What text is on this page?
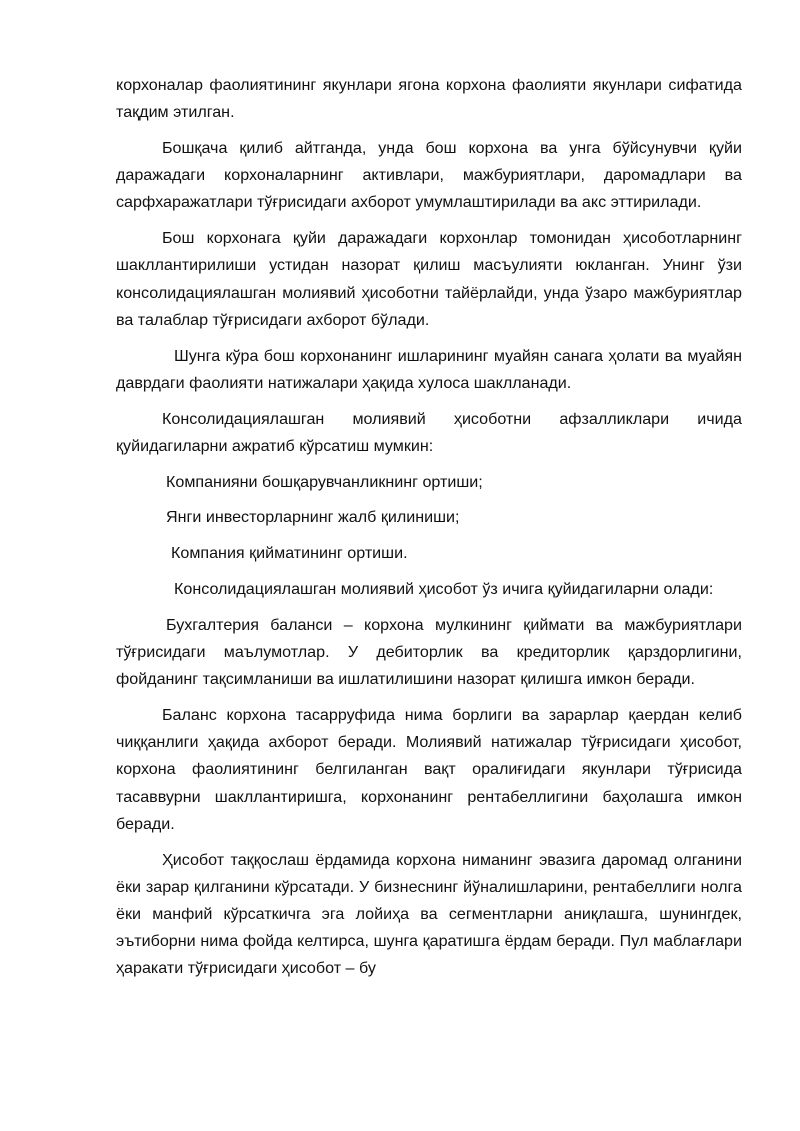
корхоналар фаолиятининг якунлари ягона корхона фаолияти якунлари сифатида тақдим этилган.

Бошқача қилиб айтганда, унда бош корхона ва унга бўйсунувчи қуйи даражадаги корхоналарнинг активлари, мажбуриятлари, даромадлари ва сарфхаражатлари тўғрисидаги ахборот умумлаштирилади ва акс эттирилади.

Бош корхонага қуйи даражадаги корхонлар томонидан ҳисоботларнинг шакллантирилиши устидан назорат қилиш масъулияти юкланган. Унинг ўзи консолидациялашган молиявий ҳисоботни тайёрлайди, унда ўзаро мажбуриятлар ва талаблар тўғрисидаги ахборот бўлади.

Шунга кўра бош корхонанинг ишларининг муайян санага ҳолати ва муайян даврдаги фаолияти натижалари ҳақида хулоса шаклланади.

Консолидациялашган молиявий ҳисоботни афзалликлари ичида қуйидагиларни ажратиб кўрсатиш мумкин:

Компанияни бошқарувчанликнинг ортиши;

Янги инвесторларнинг жалб қилиниши;

Компания қийматининг ортиши.

Консолидациялашган молиявий ҳисобот ўз ичига қуйидагиларни олади:

Бухгалтерия баланси – корхона мулкининг қиймати ва мажбуриятлари тўғрисидаги маълумотлар. У дебиторлик ва кредиторлик қарздорлигини, фойданинг тақсимланиши ва ишлатилишини назорат қилишга имкон беради.

Баланс корхона тасарруфида нима борлиги ва зарарлар қаердан келиб чиққанлиги ҳақида ахборот беради. Молиявий натижалар тўғрисидаги ҳисобот, корхона фаолиятининг белгиланган вақт оралиғидаги якунлари тўғрисида тасаввурни шакллантиришга, корхонанинг рентабеллигини баҳолашга имкон беради.

Ҳисобот таққослаш ёрдамида корхона ниманинг эвазига даромад олганини ёки зарар қилганини кўрсатади. У бизнеснинг йўналишларини, рентабеллиги нолга ёки манфий кўрсаткичга эга лойиҳа ва сегментларни аниқлашга, шунингдек, эътиборни нима фойда келтирса, шунга қаратишга ёрдам беради. Пул маблағлари ҳаракати тўғрисидаги ҳисобот – бу
